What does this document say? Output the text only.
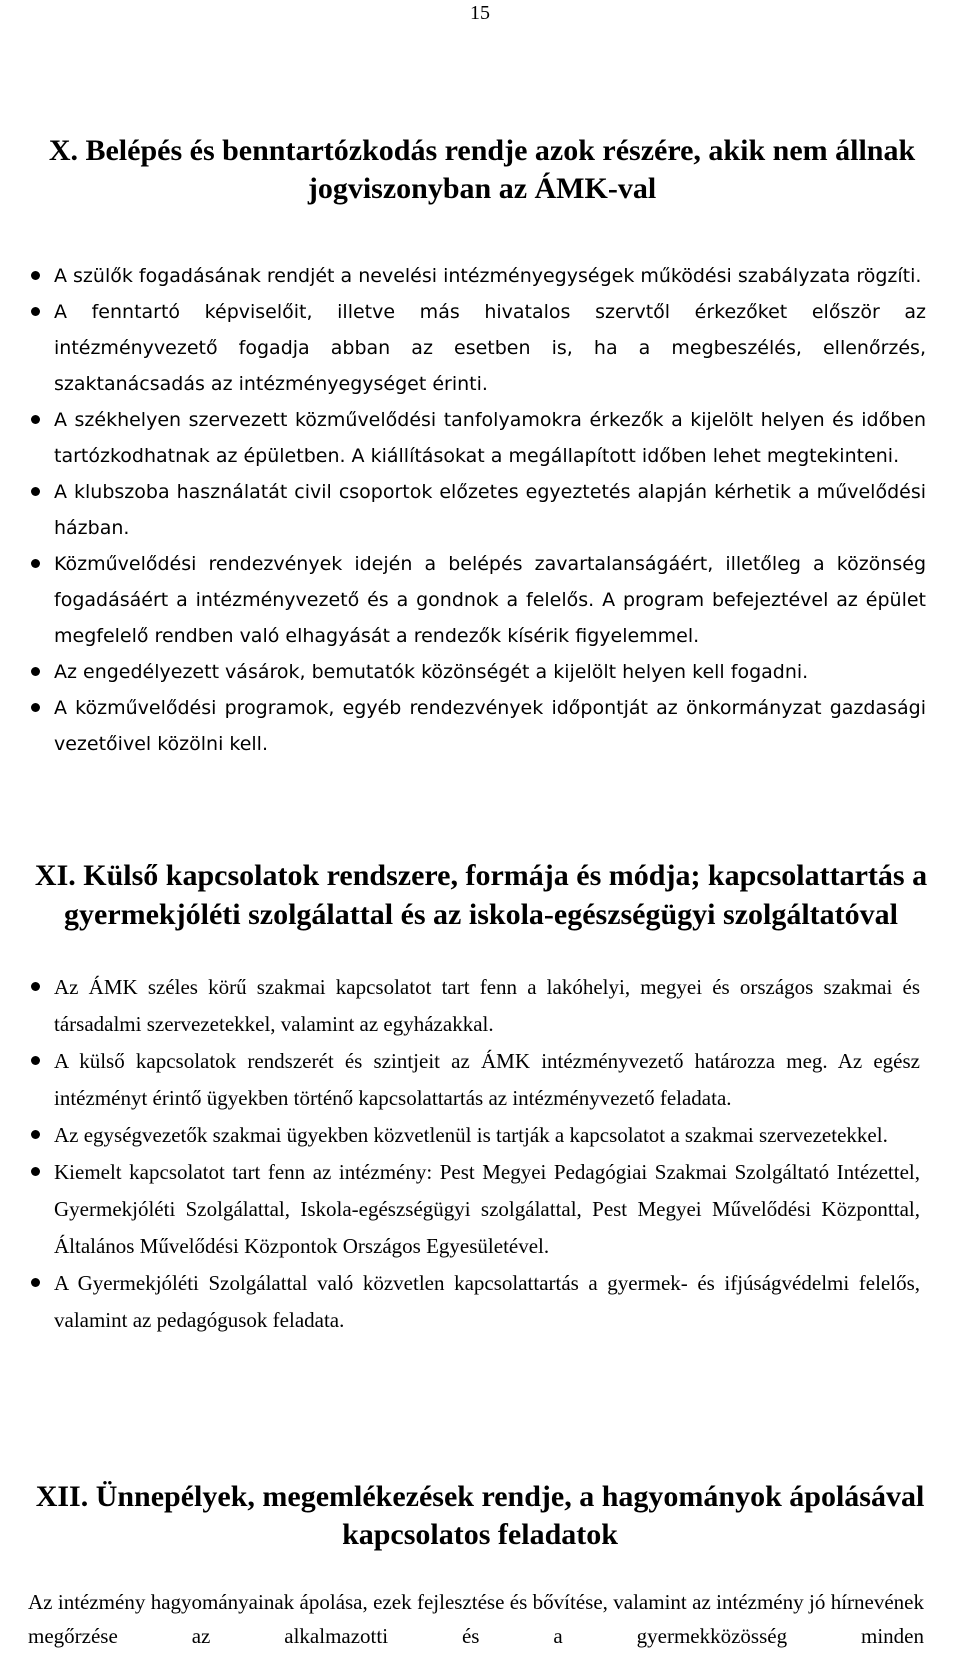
15
X. Belépés és benntartózkodás rendje azok részére, akik nem állnak
jogviszonyban az ÁMK-val
A szülők fogadásának rendjét a nevelési intézményegységek működési szabályzata rögzíti.
A fenntartó képviselőit, illetve más hivatalos szervtől érkezőket először az intézményvezető fogadja abban az esetben is, ha a megbeszélés, ellenőrzés, szaktanácsadás az intézményegységet érinti.
A székhelyen szervezett közművelődési tanfolyamokra érkezők a kijelölt helyen és időben tartózkodhatnak az épületben. A kiállításokat a megállapított időben lehet megtekinteni.
A klubszoba használatát civil csoportok előzetes egyeztetés alapján kérhetik a művelődési házban.
Közművelődési rendezvények idején a belépés zavartalanságáért, illetőleg a közönség fogadásáért a intézményvezető és a gondnok a felelős. A program befejeztével az épület megfelelő rendben való elhagyását a rendezők kísérik figyelemmel.
Az engedélyezett vásárok, bemutatók közönségét a kijelölt helyen kell fogadni.
A közművelődési programok, egyéb rendezvények időpontját az önkormányzat gazdasági vezetőivel közölni kell.
XI. Külső kapcsolatok rendszere, formája és módja; kapcsolattartás a
gyermekjóléti szolgálattal és az iskola-egészségügyi szolgáltatóval
Az ÁMK széles körű szakmai kapcsolatot tart fenn a lakóhelyi, megyei és országos szakmai és társadalmi szervezetekkel, valamint az egyházakkal.
A külső kapcsolatok rendszerét és szintjeit az ÁMK intézményvezető határozza meg. Az egész intézményt érintő ügyekben történő kapcsolattartás az intézményvezető feladata.
Az egységvezetők szakmai ügyekben közvetlenül is tartják a kapcsolatot a szakmai szervezetekkel.
Kiemelt kapcsolatot tart fenn az intézmény: Pest Megyei Pedagógiai Szakmai Szolgáltató Intézettel, Gyermekjóléti Szolgálattal, Iskola-egészségügyi szolgálattal, Pest Megyei Művelődési Központtal, Általános Művelődési Központok Országos Egyesületével.
A Gyermekjóléti Szolgálattal való közvetlen kapcsolattartás a gyermek- és ifjúságvédelmi felelős, valamint az pedagógusok feladata.
XII. Ünnepélyek, megemlékezések rendje, a hagyományok ápolásával
kapcsolatos feladatok

Az intézmény hagyományainak ápolása, ezek fejlesztése és bővítése, valamint az intézmény jó hírnevének megőrzése az alkalmazotti és a gyermekközösség minden
